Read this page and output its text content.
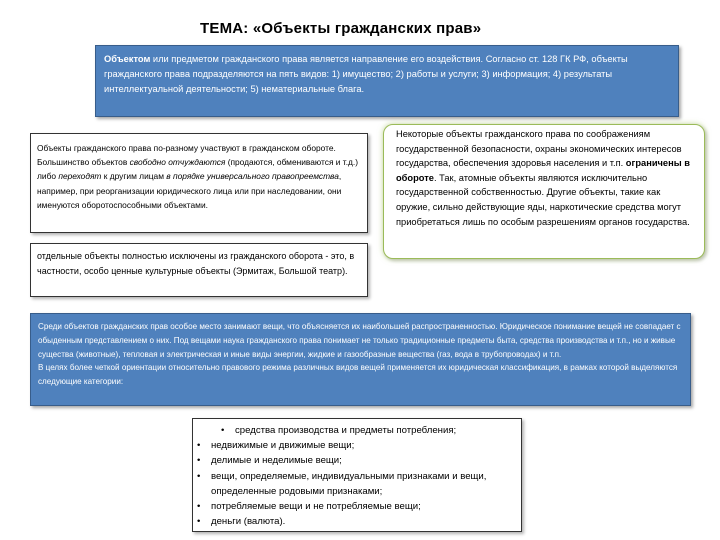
ТЕМА: «Объекты гражданских прав»
Объектом или предметом гражданского права является направление его воздействия. Согласно ст. 128 ГК РФ, объекты гражданского права подразделяются на пять видов: 1) имущество; 2) работы и услуги; 3) информация; 4) результаты интеллектуальной деятельности; 5) нематериальные блага.
Объекты гражданского права по-разному участвуют в гражданском обороте. Большинство объектов свободно отчуждаются (продаются, обмениваются и т.д.) либо переходят к другим лицам в порядке универсального правопреемства, например, при реорганизации юридического лица или при наследовании, они именуются оборотоспособными объектами.
отдельные объекты полностью исключены из гражданского оборота - это, в частности, особо ценные культурные объекты (Эрмитаж, Большой театр).
Некоторые объекты гражданского права по соображениям государственной безопасности, охраны экономических интересов государства, обеспечения здоровья населения и т.п. ограничены в обороте. Так, атомные объекты являются исключительно государственной собственностью. Другие объекты, такие как оружие, сильно действующие яды, наркотические средства могут приобретаться лишь по особым разрешениям органов государства.
Среди объектов гражданских прав особое место занимают вещи, что объясняется их наибольшей распространенностью. Юридическое понимание вещей не совпадает с обыденным представлением о них. Под вещами наука гражданского права понимает не только традиционные предметы быта, средства производства и т.п., но и живые существа (животные), тепловая и электрическая и иные виды энергии, жидкие и газообразные вещества (газ, вода в трубопроводах) и т.п.
В целях более четкой ориентации относительно правового режима различных видов вещей применяется их юридическая классификация, в рамках которой выделяются следующие категории:
• средства производства и предметы потребления;
• недвижимые и движимые вещи;
• делимые и неделимые вещи;
• вещи, определяемые, индивидуальными признаками и вещи, определенные родовыми признаками;
• потребляемые вещи и не потребляемые вещи;
• деньги (валюта).
